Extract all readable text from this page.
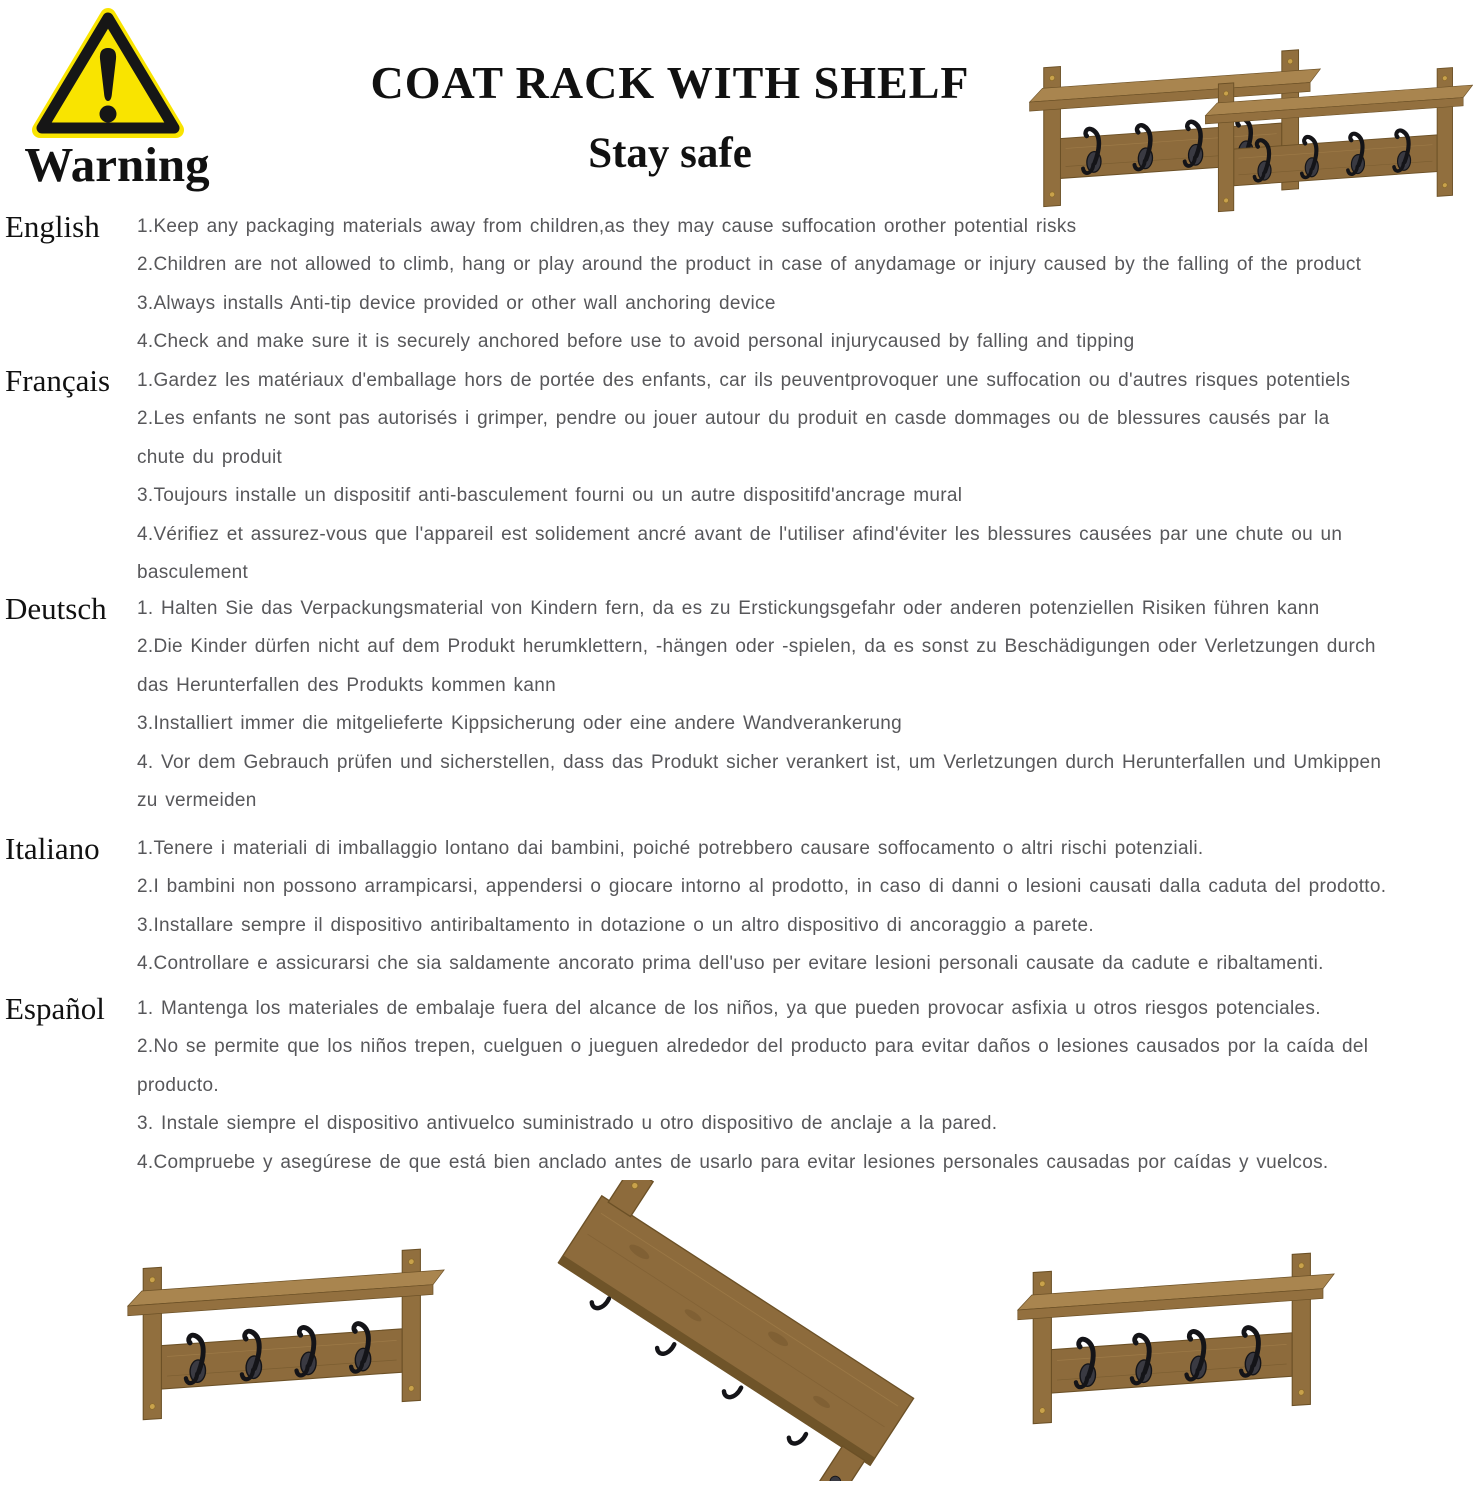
Warning
COAT RACK WITH SHELF
Stay safe
English	1.Keep any packaging materials away from children,as they may cause suffocation orother potential risks
2.Children are not allowed to climb, hang or play around the product in case of anydamage or injury caused by the falling of the product
3.Always installs Anti-tip device provided or other wall anchoring device
4.Check and make sure it is securely anchored before use to avoid personal injurycaused by falling and tipping
Français	1.Gardez les matériaux d'emballage hors de portée des enfants, car ils peuventprovoquer une suffocation ou d'autres risques potentiels
2.Les enfants ne sont pas autorisés i grimper, pendre ou jouer autour du produit en casde dommages ou de blessures causés par la
chute du produit
3.Toujours installe un dispositif anti-basculement fourni ou un autre dispositifd'ancrage mural
4.Vérifiez et assurez-vous que l'appareil est solidement ancré avant de l'utiliser afind'éviter les blessures causées par une chute ou un
basculement
Deutsch	1. Halten Sie das Verpackungsmaterial von Kindern fern, da es zu Erstickungsgefahr oder anderen potenziellen Risiken führen kann
2.Die Kinder dürfen nicht auf dem Produkt herumklettern, -hängen oder -spielen, da es sonst zu Beschädigungen oder Verletzungen durch
das Herunterfallen des Produkts kommen kann
3.Installiert immer die mitgelieferte Kippsicherung oder eine andere Wandverankerung
4. Vor dem Gebrauch prüfen und sicherstellen, dass das Produkt sicher verankert ist, um Verletzungen durch Herunterfallen und Umkippen
zu vermeiden
Italiano	1.Tenere i materiali di imballaggio lontano dai bambini, poiché potrebbero causare soffocamento o altri rischi potenziali.
2.I bambini non possono arrampicarsi, appendersi o giocare intorno al prodotto, in caso di danni o lesioni causati dalla caduta del prodotto.
3.Installare sempre il dispositivo antiribaltamento in dotazione o un altro dispositivo di ancoraggio a parete.
4.Controllare e assicurarsi che sia saldamente ancorato prima dell'uso per evitare lesioni personali causate da cadute e ribaltamenti.
Español	1. Mantenga los materiales de embalaje fuera del alcance de los niños, ya que pueden provocar asfixia u otros riesgos potenciales.
2.No se permite que los niños trepen, cuelguen o jueguen alrededor del producto para evitar daños o lesiones causados por la caída del
producto.
3. Instale siempre el dispositivo antivuelco suministrado u otro dispositivo de anclaje a la pared.
4.Compruebe y asegúrese de que está bien anclado antes de usarlo para evitar lesiones personales causadas por caídas y vuelcos.
